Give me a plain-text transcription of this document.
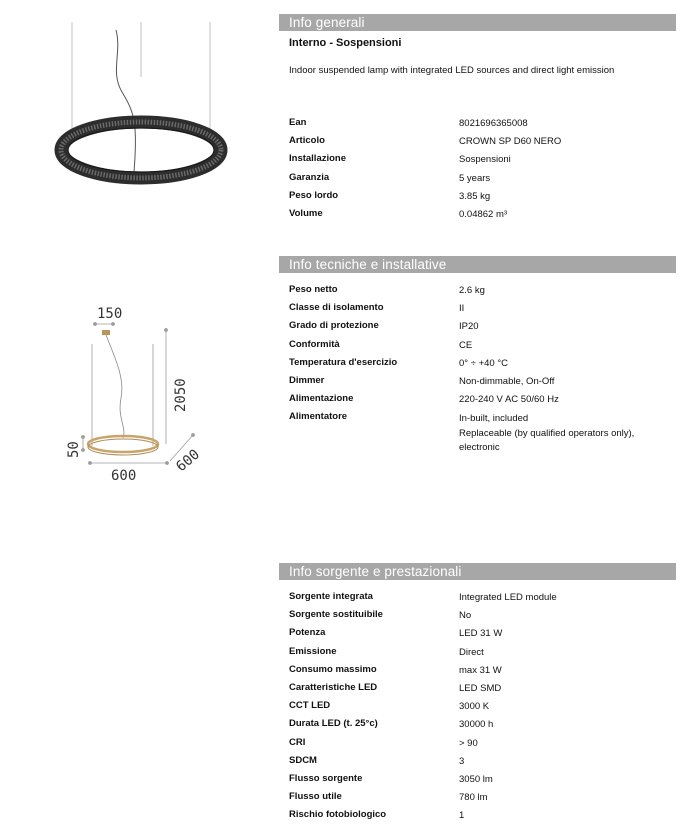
150
2050
50
600
600
Info generali
Interno - Sospensioni
Indoor suspended lamp with integrated LED sources and direct light emission
Ean	8021696365008
Articolo	CROWN SP D60 NERO
Installazione	Sospensioni
Garanzia	5 years
Peso lordo	3.85 kg
Volume	0.04862 m³
Info tecniche e installative
Peso netto	2.6 kg
Classe di isolamento	II
Grado di protezione	IP20
Conformità	CE
Temperatura d'esercizio	0° ÷ +40 °C
Dimmer	Non-dimmable, On-Off
Alimentazione	220-240 V AC 50/60 Hz
Alimentatore	In-built, included
Replaceable (by qualified operators only),
electronic
Info sorgente e prestazionali
Sorgente integrata	Integrated LED module
Sorgente sostituibile	No
Potenza	LED 31 W
Emissione	Direct
Consumo massimo	max 31 W
Caratteristiche LED	LED SMD
CCT LED	3000 K
Durata LED (t. 25°c)	30000 h
CRI	> 90
SDCM	3
Flusso sorgente	3050 lm
Flusso utile	780 lm
Rischio fotobiologico	1
